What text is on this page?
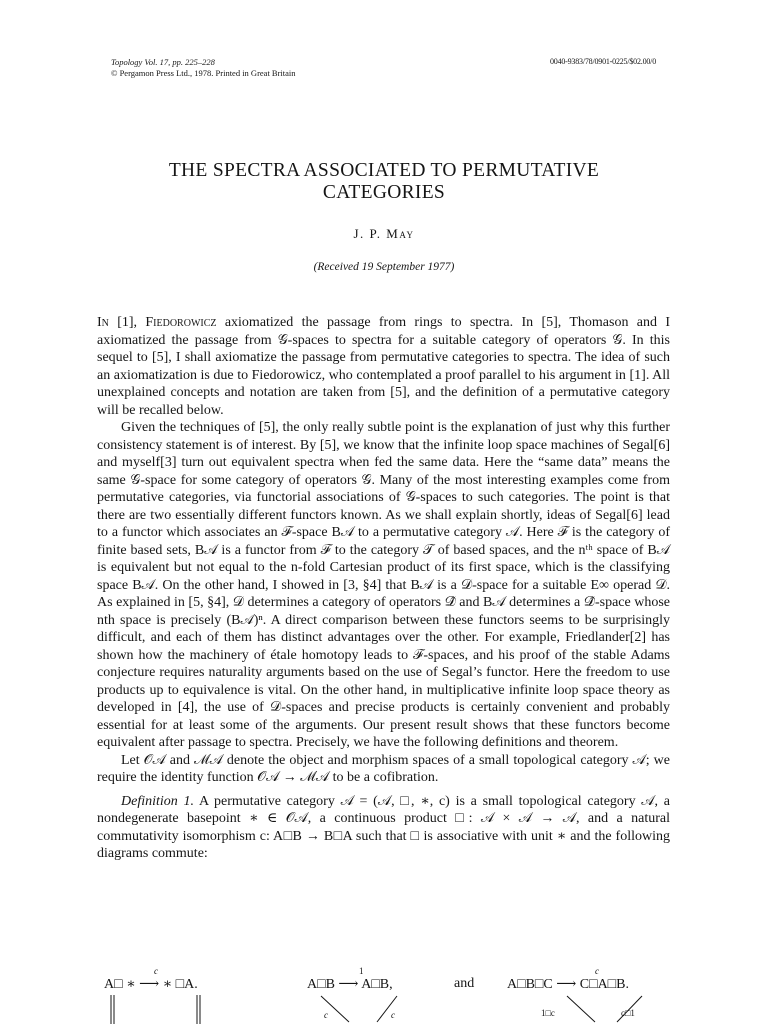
Topology Vol. 17, pp. 225–228
© Pergamon Press Ltd., 1978. Printed in Great Britain
0040-9383/78/0901-0225/$02.00/0
THE SPECTRA ASSOCIATED TO PERMUTATIVE
CATEGORIES
J. P. May
(Received 19 September 1977)

In [1], Fiedorowicz axiomatized the passage from rings to spectra. In [5], Thomason and I axiomatized the passage from 𝒢-spaces to spectra for a suitable category of operators 𝒢. In this sequel to [5], I shall axiomatize the passage from permutative categories to spectra. The idea of such an axiomatization is due to Fiedorowicz, who contemplated a proof parallel to his argument in [1]. All unexplained concepts and notation are taken from [5], and the definition of a permutative category will be recalled below.

Given the techniques of [5], the only really subtle point is the explanation of just why this further consistency statement is of interest. By [5], we know that the infinite loop space machines of Segal[6] and myself[3] turn out equivalent spectra when fed the same data. Here the “same data” means the same 𝒢-space for some category of operators 𝒢. Many of the most interesting examples come from permutative categories, via functorial associations of 𝒢-spaces to such categories. The point is that there are two essentially different functors known. As we shall explain shortly, ideas of Segal[6] lead to a functor which associates an ℱ-space B𝒜 to a permutative category 𝒜. Here ℱ is the category of finite based sets, B𝒜 is a functor from ℱ to the category 𝒯 of based spaces, and the nᵗʰ space of B𝒜 is equivalent but not equal to the n-fold Cartesian product of its first space, which is the classifying space B𝒜. On the other hand, I showed in [3, §4] that B𝒜 is a 𝒟-space for a suitable E∞ operad 𝒟. As explained in [5, §4], 𝒟 determines a category of operators 𝒟̂ and B𝒜 determines a 𝒟̂-space whose nth space is precisely (B𝒜)ⁿ. A direct comparison between these functors seems to be surprisingly difficult, and each of them has distinct advantages over the other. For example, Friedlander[2] has shown how the machinery of étale homotopy leads to ℱ-spaces, and his proof of the stable Adams conjecture requires naturality arguments based on the use of Segal’s functor. Here the freedom to use products up to equivalence is vital. On the other hand, in multiplicative infinite loop space theory as developed in [4], the use of 𝒟-spaces and precise products is certainly convenient and probably essential for at least some of the arguments. Our present result shows that these functors become equivalent after passage to spectra. Precisely, we have the following definitions and theorem.

Let 𝒪𝒜 and ℳ𝒜 denote the object and morphism spaces of a small topological category 𝒜; we require the identity function 𝒪𝒜 → ℳ𝒜 to be a cofibration.

Definition 1. A permutative category 𝒜 = (𝒜, □, ∗, c) is a small topological category 𝒜, a nondegenerate basepoint ∗ ∈ 𝒪𝒜, a continuous product □: 𝒜 × 𝒜 → 𝒜, and a natural commutativity isomorphism c: A□B → B□A such that □ is associative with unit ∗ and the following diagrams commute:

A□ ∗ ⟶ ∗ □A.
c
A□B ⟶ A□B,
1
c	c
and A□B□C ⟶ C□A□B.
c
1□c	c□1
